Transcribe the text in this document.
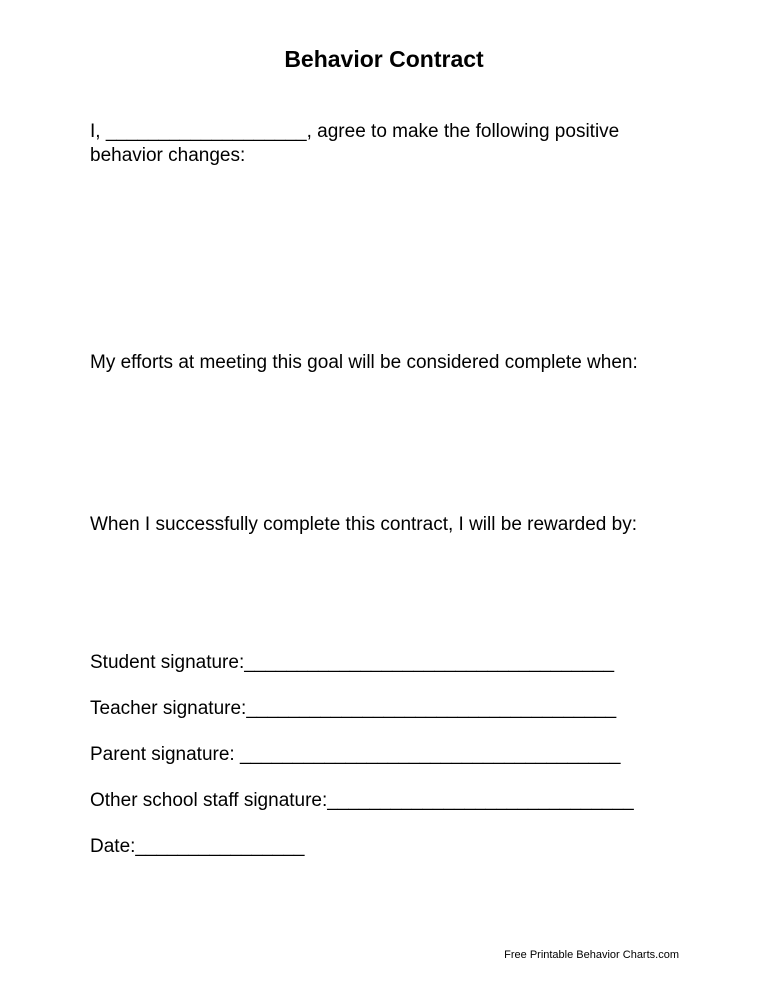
Behavior Contract
I, ___________________, agree to make the following positive
behavior changes:
My efforts at meeting this goal will be considered complete when:
When I successfully complete this contract, I will be rewarded by:
Student signature:___________________________________
Teacher signature:___________________________________
Parent signature: ____________________________________
Other school staff signature:_____________________________
Date:________________
Free Printable Behavior Charts.com
